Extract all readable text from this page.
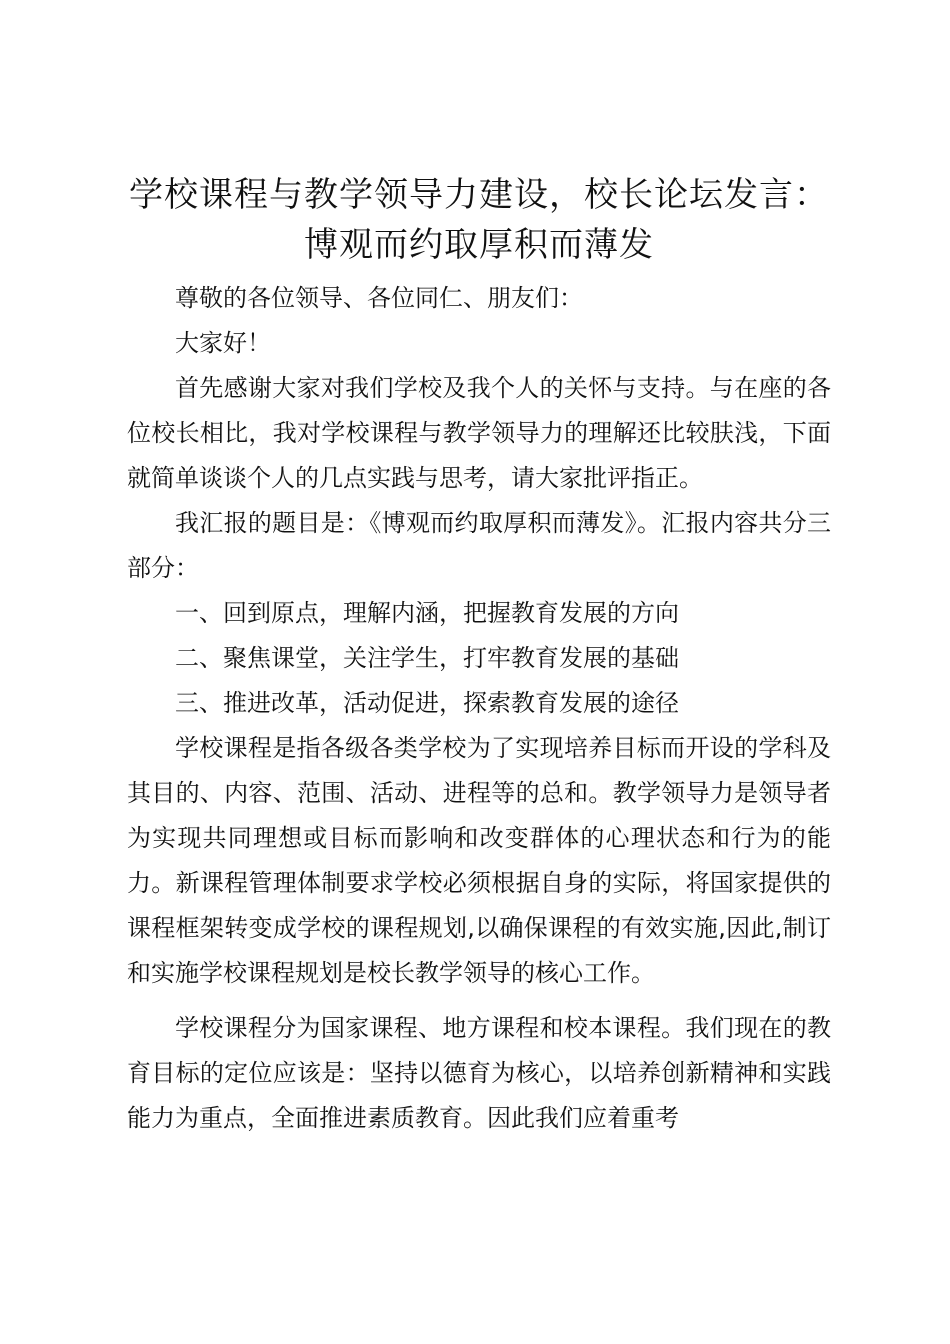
学校课程与教学领导力建设，校长论坛发言：
博观而约取厚积而薄发

尊敬的各位领导、各位同仁、朋友们：

大家好！

首先感谢大家对我们学校及我个人的关怀与支持。与在座的各位校长相比，我对学校课程与教学领导力的理解还比较肤浅，下面就简单谈谈个人的几点实践与思考，请大家批评指正。

我汇报的题目是：《博观而约取厚积而薄发》。汇报内容共分三部分：

一、回到原点，理解内涵，把握教育发展的方向

二、聚焦课堂，关注学生，打牢教育发展的基础

三、推进改革，活动促进，探索教育发展的途径

学校课程是指各级各类学校为了实现培养目标而开设的学科及其目的、内容、范围、活动、进程等的总和。教学领导力是领导者为实现共同理想或目标而影响和改变群体的心理状态和行为的能力。新课程管理体制要求学校必须根据自身的实际，将国家提供的课程框架转变成学校的课程规划,以确保课程的有效实施,因此,制订和实施学校课程规划是校长教学领导的核心工作。

学校课程分为国家课程、地方课程和校本课程。我们现在的教育目标的定位应该是：坚持以德育为核心，以培养创新精神和实践能力为重点，全面推进素质教育。因此我们应着重考
